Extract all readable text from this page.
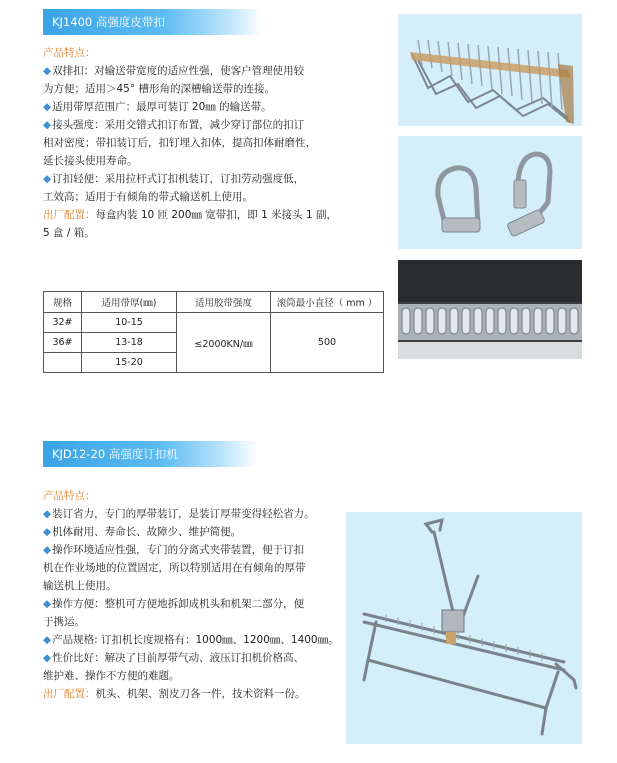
KJ1400 高强度皮带扣
产品特点：
◆双排扣：对输送带宽度的适应性强，使客户管理使用较
为方便；适用＞45° 槽形角的深槽输送带的连接。
◆适用带厚范围广：最厚可装订 20㎜ 的输送带。
◆接头强度：采用交错式扣订布置，减少穿订部位的扣订
相对密度；带扣装订后，扣钉埋入扣体，提高扣体耐磨性，
延长接头使用寿命。
◆订扣轻便：采用拉杆式订扣机装订，订扣劳动强度低，
工效高；适用于有倾角的带式输送机上使用。
出厂配置：每盒内装 10 匝 200㎜ 宽带扣，即 1 米接头 1 副，
5 盒 / 箱。
规格	适用带厚(㎜)	适用胶带强度	滚筒最小直径（ mm ）
32#	10-15	≤2000KN/㎜	500
36#	13-18		
	15-20		
KJD12-20 高强度订扣机
产品特点：
◆装订省力，专门的厚带装订，是装订厚带变得轻松省力。
◆机体耐用、寿命长、故障少、维护简便。
◆操作环境适应性强，专门的分离式夹带装置，便于订扣
机在作业场地的位置固定，所以特别适用在有倾角的厚带
输送机上使用。
◆操作方便：整机可方便地拆卸成机头和机架二部分，便
于携运。
◆产品规格: 订扣机长度规格有：1000㎜、1200㎜、1400㎜。
◆性价比好：解决了目前厚带气动、液压订扣机价格高、
维护难、操作不方便的难题。
出厂配置：机头、机架、割皮刀各一件，技术资料一份。
